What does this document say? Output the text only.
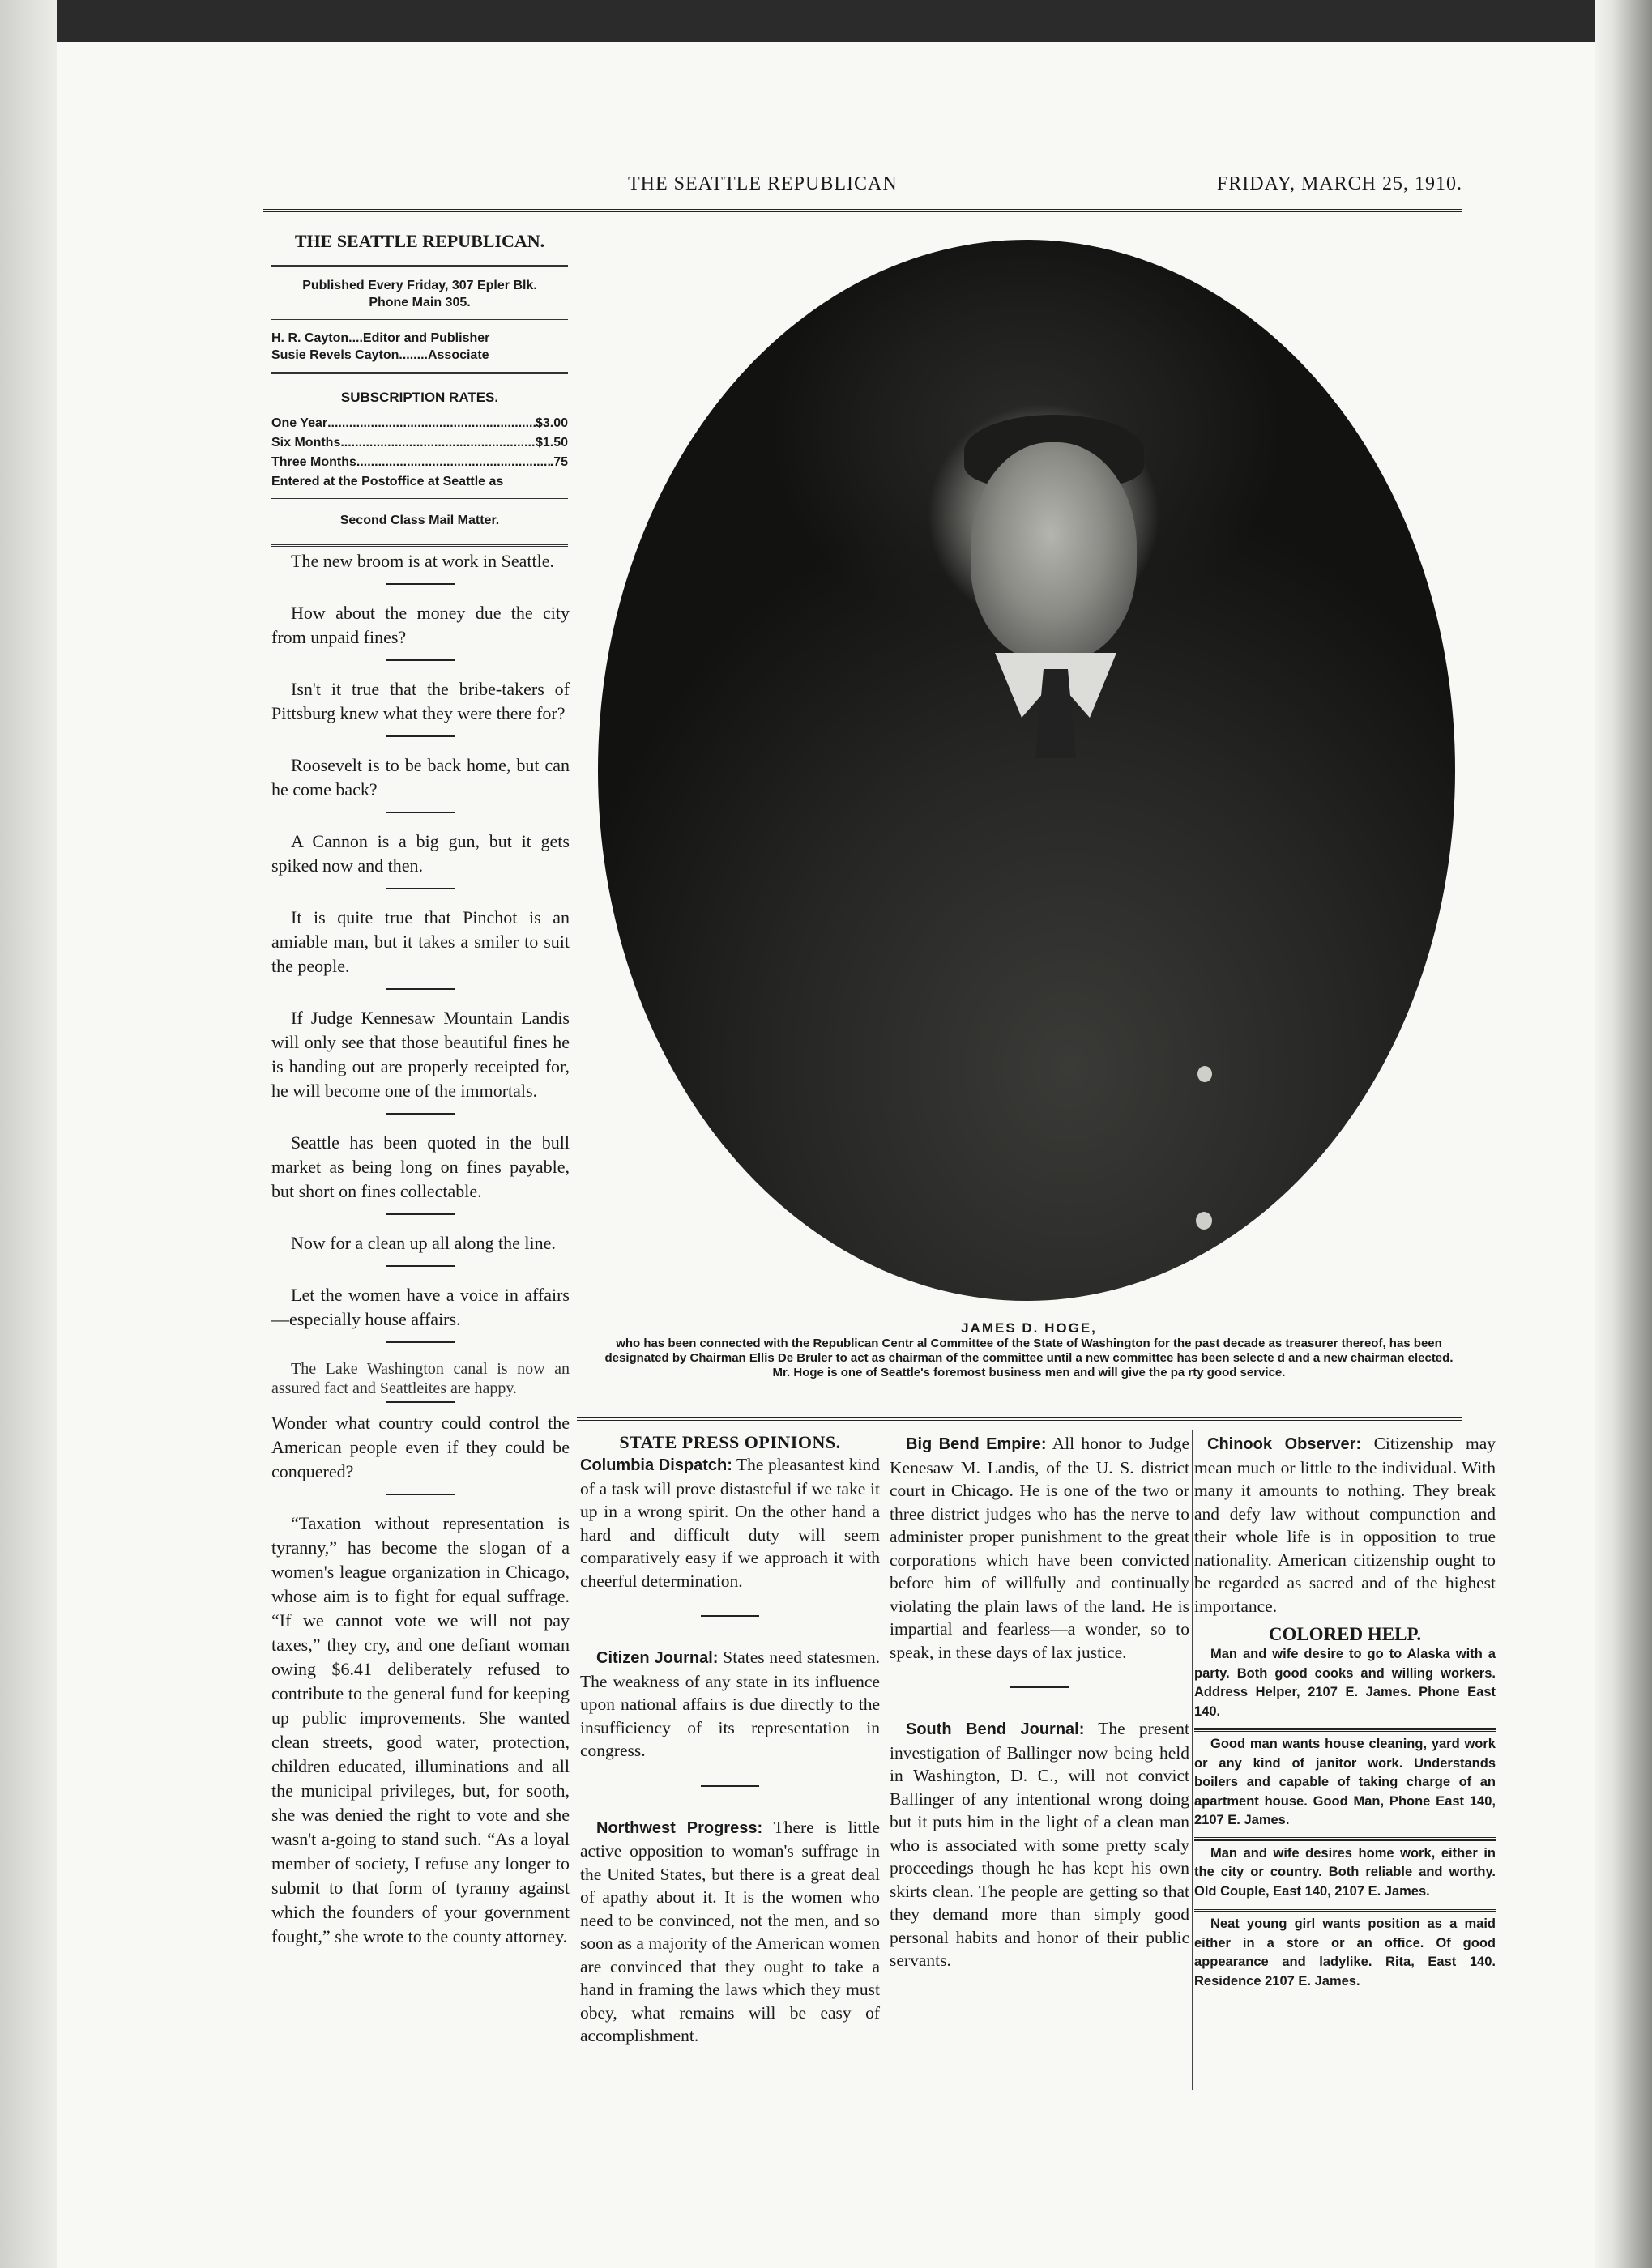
THE SEATTLE REPUBLICAN	FRIDAY, MARCH 25, 1910.
THE SEATTLE REPUBLICAN.
Published Every Friday, 307 Epler Blk.
Phone Main 305.
H. R. Cayton....Editor and Publisher
Susie Revels Cayton........Associate
SUBSCRIPTION RATES.
One Year .....	$3.00
Six Months .....	$1.50
Three Months .....	.75
Entered at the Postoffice at Seattle as
Second Class Mail Matter.
The new broom is at work in Seattle.
How about the money due the city from unpaid fines?
Isn't it true that the bribe-takers of Pittsburg knew what they were there for?
Roosevelt is to be back home, but can he come back?
A Cannon is a big gun, but it gets spiked now and then.
It is quite true that Pinchot is an amiable man, but it takes a smiler to suit the people.
If Judge Kennesaw Mountain Landis will only see that those beautiful fines he is handing out are properly receipted for, he will become one of the immortals.
Seattle has been quoted in the bull market as being long on fines payable, but short on fines collectable.
Now for a clean up all along the line.
Let the women have a voice in affairs—especially house affairs.
The Lake Washington canal is now an assured fact and Seattleites are happy.
Wonder what country could control the American people even if they could be conquered?
“Taxation without representation is tyranny,” has become the slogan of a women's league organization in Chicago, whose aim is to fight for equal suffrage. “If we cannot vote we will not pay taxes,” they cry, and one defiant woman owing $6.41 deliberately refused to contribute to the general fund for keeping up public improvements. She wanted clean streets, good water, protection, children educated, illuminations and all the municipal privileges, but, for sooth, she was denied the right to vote and she wasn't a-going to stand such. “As a loyal member of society, I refuse any longer to submit to that form of tyranny against which the founders of your government fought,” she wrote to the county attorney.
JAMES D. HOGE,
who has been connected with the Republican Centr al Committee of the State of Washington for the past decade as treasurer thereof, has been designated by Chairman Ellis De Bruler to act as chairman of the committee until a new committee has been selecte d and a new chairman elected. Mr. Hoge is one of Seattle's foremost business men and will give the pa rty good service.
STATE PRESS OPINIONS.
Columbia Dispatch: The pleasantest kind of a task will prove distasteful if we take it up in a wrong spirit. On the other hand a hard and difficult duty will seem comparatively easy if we approach it with cheerful determination.
Citizen Journal: States need statesmen. The weakness of any state in its influence upon national affairs is due directly to the insufficiency of its representation in congress.
Northwest Progress: There is little active opposition to woman's suffrage in the United States, but there is a great deal of apathy about it. It is the women who need to be convinced, not the men, and so soon as a majority of the American women are convinced that they ought to take a hand in framing the laws which they must obey, what remains will be easy of accomplishment.
Big Bend Empire: All honor to Judge Kenesaw M. Landis, of the U. S. district court in Chicago. He is one of the two or three district judges who has the nerve to administer proper punishment to the great corporations which have been convicted before him of willfully and continually violating the plain laws of the land. He is impartial and fearless—a wonder, so to speak, in these days of lax justice.
South Bend Journal: The present investigation of Ballinger now being held in Washington, D. C., will not convict Ballinger of any intentional wrong doing but it puts him in the light of a clean man who is associated with some pretty scaly proceedings though he has kept his own skirts clean. The people are getting so that they demand more than simply good personal habits and honor of their public servants.
Chinook Observer: Citizenship may mean much or little to the individual. With many it amounts to nothing. They break and defy law without compunction and their whole life is in opposition to true nationality. American citizenship ought to be regarded as sacred and of the highest importance.
COLORED HELP.
Man and wife desire to go to Alaska with a party. Both good cooks and willing workers. Address Helper, 2107 E. James. Phone East 140.
Good man wants house cleaning, yard work or any kind of janitor work. Understands boilers and capable of taking charge of an apartment house. Good Man, Phone East 140, 2107 E. James.
Man and wife desires home work, either in the city or country. Both reliable and worthy. Old Couple, East 140, 2107 E. James.
Neat young girl wants position as a maid either in a store or an office. Of good appearance and ladylike. Rita, East 140. Residence 2107 E. James.
